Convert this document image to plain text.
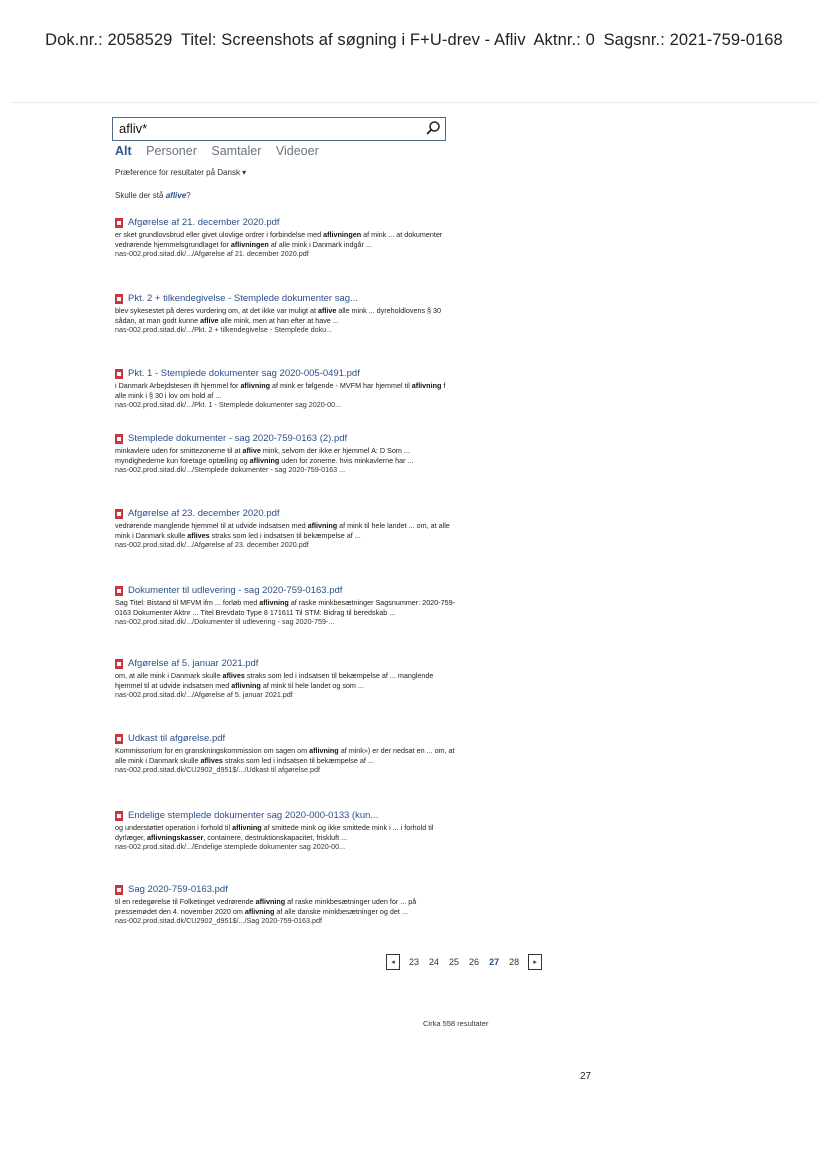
Dok.nr.: 2058529 Titel: Screenshots af søgning i F+U-drev - Afliv Aktnr.: 0 Sagsnr.: 2021-759-0168
afliv*
Alt Personer Samtaler Videoer
Præference for resultater på Dansk ▾
Skulle der stå aflive?
Afgørelse af 21. december 2020.pdf
er sket grundlovsbrud eller givet ulovlige ordrer i forbindelse med aflivningen af mink ... at dokumenter vedrørende hjemmelsgrundlaget for aflivningen af alle mink i Danmark indgår ...
nas-002.prod.sitad.dk/.../Afgørelse af 21. december 2020.pdf
Pkt. 2 + tilkendegivelse - Stemplede dokumenter sag...
blev sykesestet på deres vurdering om, at det ikke var muligt at aflive alle mink ... dyreholdlovens § 30 sådan, at man godt kunne aflive alle mink, men at han efter at have ...
nas-002.prod.sitad.dk/.../Pkt. 2 + tilkendegivelse - Stemplede doku...
Pkt. 1 - Stemplede dokumenter sag 2020-005-0491.pdf
i Danmark Arbejdstesen ift hjemmel for aflivning af mink er følgende - MVFM har hjemmel til aflivning f alle mink i § 30 i lov om hold af ...
nas-002.prod.sitad.dk/.../Pkt. 1 - Stemplede dokumenter sag 2020-00...
Stemplede dokumenter - sag 2020-759-0163 (2).pdf
minkavlere uden for smittezonerne til at aflive mink, selvom der ikke er hjemmel A: D Som ... myndighederne kun foretage optælling og aflivning uden for zonerne. hvis minkavlerne har ...
nas-002.prod.sitad.dk/.../Stemplede dokumenter - sag 2020-759-0163 ...
Afgørelse af 23. december 2020.pdf
vedrørende manglende hjemmel til at udvide indsatsen med aflivning af mink til hele landet ... om, at alle mink i Danmark skulle aflives straks som led i indsatsen til bekæmpelse af ...
nas-002.prod.sitad.dk/.../Afgørelse af 23. december 2020.pdf
Dokumenter til udlevering - sag 2020-759-0163.pdf
Sag Titel: Bistand til MFVM ifm ... forløb med aflivning af raske minkbesætninger Sagsnummer: 2020-759-0163 Dokumenter Aktnr ... Titel Brevdato Type 8 171611 Til STM: Bidrag til beredskab ...
nas-002.prod.sitad.dk/.../Dokumenter til udlevering - sag 2020-759-...
Afgørelse af 5. januar 2021.pdf
om, at alle mink i Danmark skulle aflives straks som led i indsatsen til bekæmpelse af ... manglende hjemmel til at udvide indsatsen med aflivning af mink til hele landet og som ...
nas-002.prod.sitad.dk/.../Afgørelse af 5. januar 2021.pdf
Udkast til afgørelse.pdf
Kommissorium for en granskningskommission om sagen om aflivning af mink») er der nedsat en ... om, at alle mink i Danmark skulle aflives straks som led i indsatsen til bekæmpelse af ...
nas-002.prod.sitad.dk/CU2902_d951$/.../Udkast til afgørelse.pdf
Endelige stemplede dokumenter sag 2020-000-0133 (kun...
og understøttet operation i forhold til aflivning af smittede mink og ikke smittede mink i ... i forhold til dyrlæger, aflivningskasser, containere, destruktionskapacitet, friskluft ...
nas-002.prod.sitad.dk/.../Endelige stemplede dokumenter sag 2020-00...
Sag 2020-759-0163.pdf
til en redegørelse til Folketinget vedrørende aflivning af raske minkbesætninger uden for ... på pressemødet den 4. november 2020 om aflivning af alle danske minkbesætninger og det ...
nas-002.prod.sitad.dk/CU2902_d951$/.../Sag 2020-759-0163.pdf
◂	23 24 25 26 27 28	▸
Cirka 558 resultater
27
